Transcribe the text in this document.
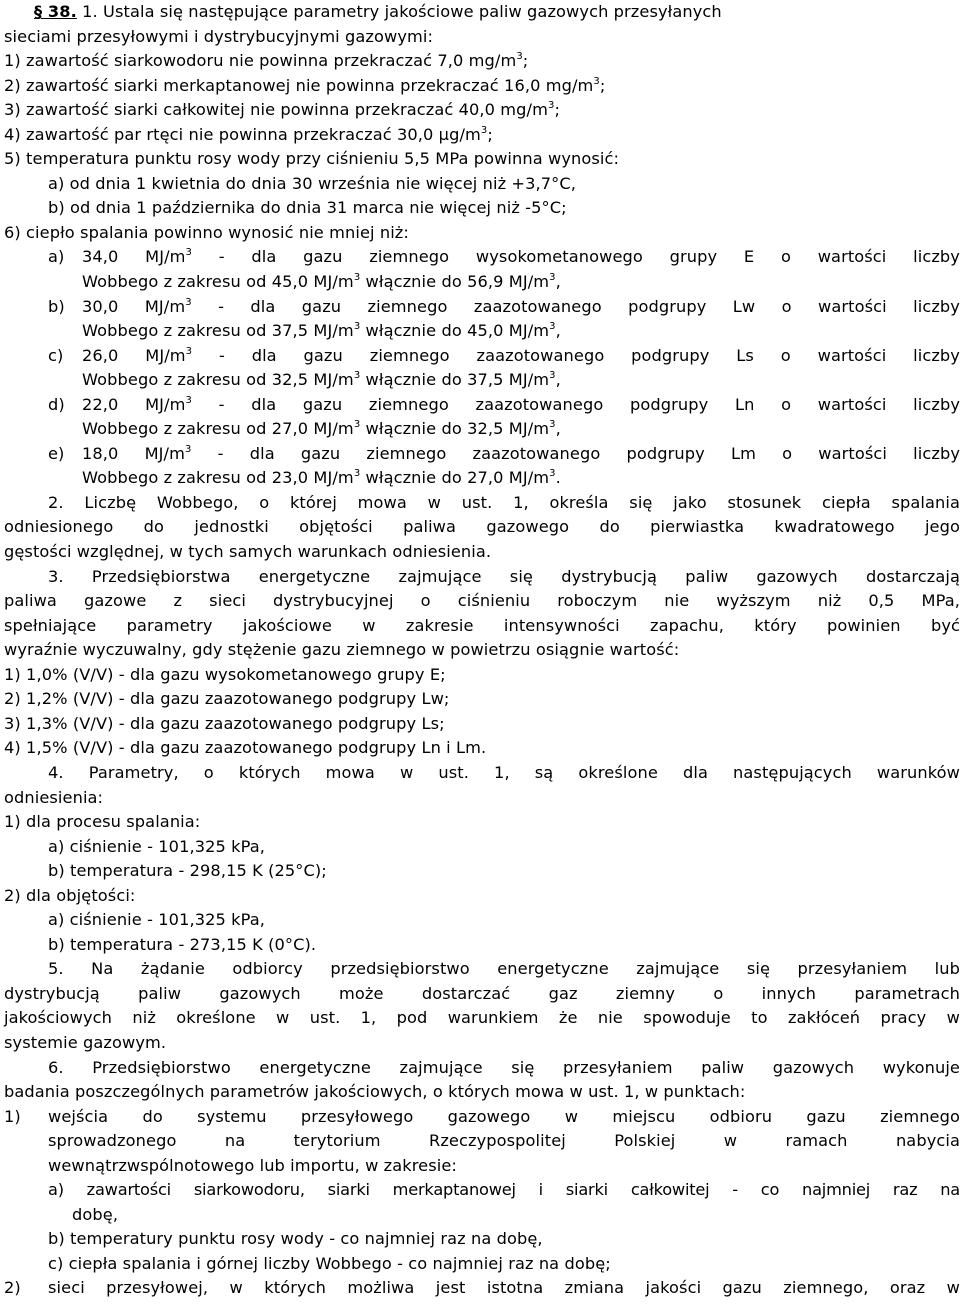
§ 38. 1. Ustala się następujące parametry jakościowe paliw gazowych przesyłanych

sieciami przesyłowymi i dystrybucyjnymi gazowymi:

1) zawartość siarkowodoru nie powinna przekraczać 7,0 $mg/m^3$;

2) zawartość siarki merkaptanowej nie powinna przekraczać 16,0 $mg/m^3$;

3) zawartość siarki całkowitej nie powinna przekraczać 40,0 $mg/m^3$;

4) zawartość par rtęci nie powinna przekraczać 30,0 $\mu g/m^3$;

5) temperatura punktu rosy wody przy ciśnieniu 5,5 MPa powinna wynosić:

a) od dnia 1 kwietnia do dnia 30 września nie więcej niż +3,7°C,

b) od dnia 1 października do dnia 31 marca nie więcej niż -5°C;

6) ciepło spalania powinno wynosić nie mniej niż:

a)	34,0 $MJ/m^3$ - dla gazu ziemnego wysokometanowego grupy E o wartości liczby
Wobbego z zakresu od 45,0 $MJ/m^3$ włącznie do 56,9 $MJ/m^3$,
b)	30,0 $MJ/m^3$ - dla gazu ziemnego zaazotowanego podgrupy Lw o wartości liczby
Wobbego z zakresu od 37,5 $MJ/m^3$ włącznie do 45,0 $MJ/m^3$,
c)	26,0 $MJ/m^3$ - dla gazu ziemnego zaazotowanego podgrupy Ls o wartości liczby
Wobbego z zakresu od 32,5 $MJ/m^3$ włącznie do 37,5 $MJ/m^3$,
d)	22,0 $MJ/m^3$ - dla gazu ziemnego zaazotowanego podgrupy Ln o wartości liczby
Wobbego z zakresu od 27,0 $MJ/m^3$ włącznie do 32,5 $MJ/m^3$,
e)	18,0 $MJ/m^3$ - dla gazu ziemnego zaazotowanego podgrupy Lm o wartości liczby
Wobbego z zakresu od 23,0 $MJ/m^3$ włącznie do 27,0 $MJ/m^3$.

2. Liczbę Wobbego, o której mowa w ust. 1, określa się jako stosunek ciepła spalania

odniesionego do jednostki objętości paliwa gazowego do pierwiastka kwadratowego jego

gęstości względnej, w tych samych warunkach odniesienia.

3. Przedsiębiorstwa energetyczne zajmujące się dystrybucją paliw gazowych dostarczają

paliwa gazowe z sieci dystrybucyjnej o ciśnieniu roboczym nie wyższym niż 0,5 MPa,

spełniające parametry jakościowe w zakresie intensywności zapachu, który powinien być

wyraźnie wyczuwalny, gdy stężenie gazu ziemnego w powietrzu osiągnie wartość:

1) 1,0% (V/V) - dla gazu wysokometanowego grupy E;

2) 1,2% (V/V) - dla gazu zaazotowanego podgrupy Lw;

3) 1,3% (V/V) - dla gazu zaazotowanego podgrupy Ls;

4) 1,5% (V/V) - dla gazu zaazotowanego podgrupy Ln i Lm.

4. Parametry, o których mowa w ust. 1, są określone dla następujących warunków

odniesienia:

1) dla procesu spalania:

a) ciśnienie - 101,325 kPa,

b) temperatura - 298,15 K (25°C);

2) dla objętości:

a) ciśnienie - 101,325 kPa,

b) temperatura - 273,15 K (0°C).

5. Na żądanie odbiorcy przedsiębiorstwo energetyczne zajmujące się przesyłaniem lub

dystrybucją paliw gazowych może dostarczać gaz ziemny o innych parametrach

jakościowych niż określone w ust. 1, pod warunkiem że nie spowoduje to zakłóceń pracy w

systemie gazowym.

6. Przedsiębiorstwo energetyczne zajmujące się przesyłaniem paliw gazowych wykonuje

badania poszczególnych parametrów jakościowych, o których mowa w ust. 1, w punktach:

1)	wejścia do systemu przesyłowego gazowego w miejscu odbioru gazu ziemnego
sprowadzonego na terytorium Rzeczypospolitej Polskiej w ramach nabycia
wewnątrzwspólnotowego lub importu, w zakresie:
a) zawartości siarkowodoru, siarki merkaptanowej i siarki całkowitej - co najmniej raz na
dobę,

b) temperatury punktu rosy wody - co najmniej raz na dobę,

c) ciepła spalania i górnej liczby Wobbego - co najmniej raz na dobę;

2)	sieci przesyłowej, w których możliwa jest istotna zmiana jakości gazu ziemnego, oraz w
